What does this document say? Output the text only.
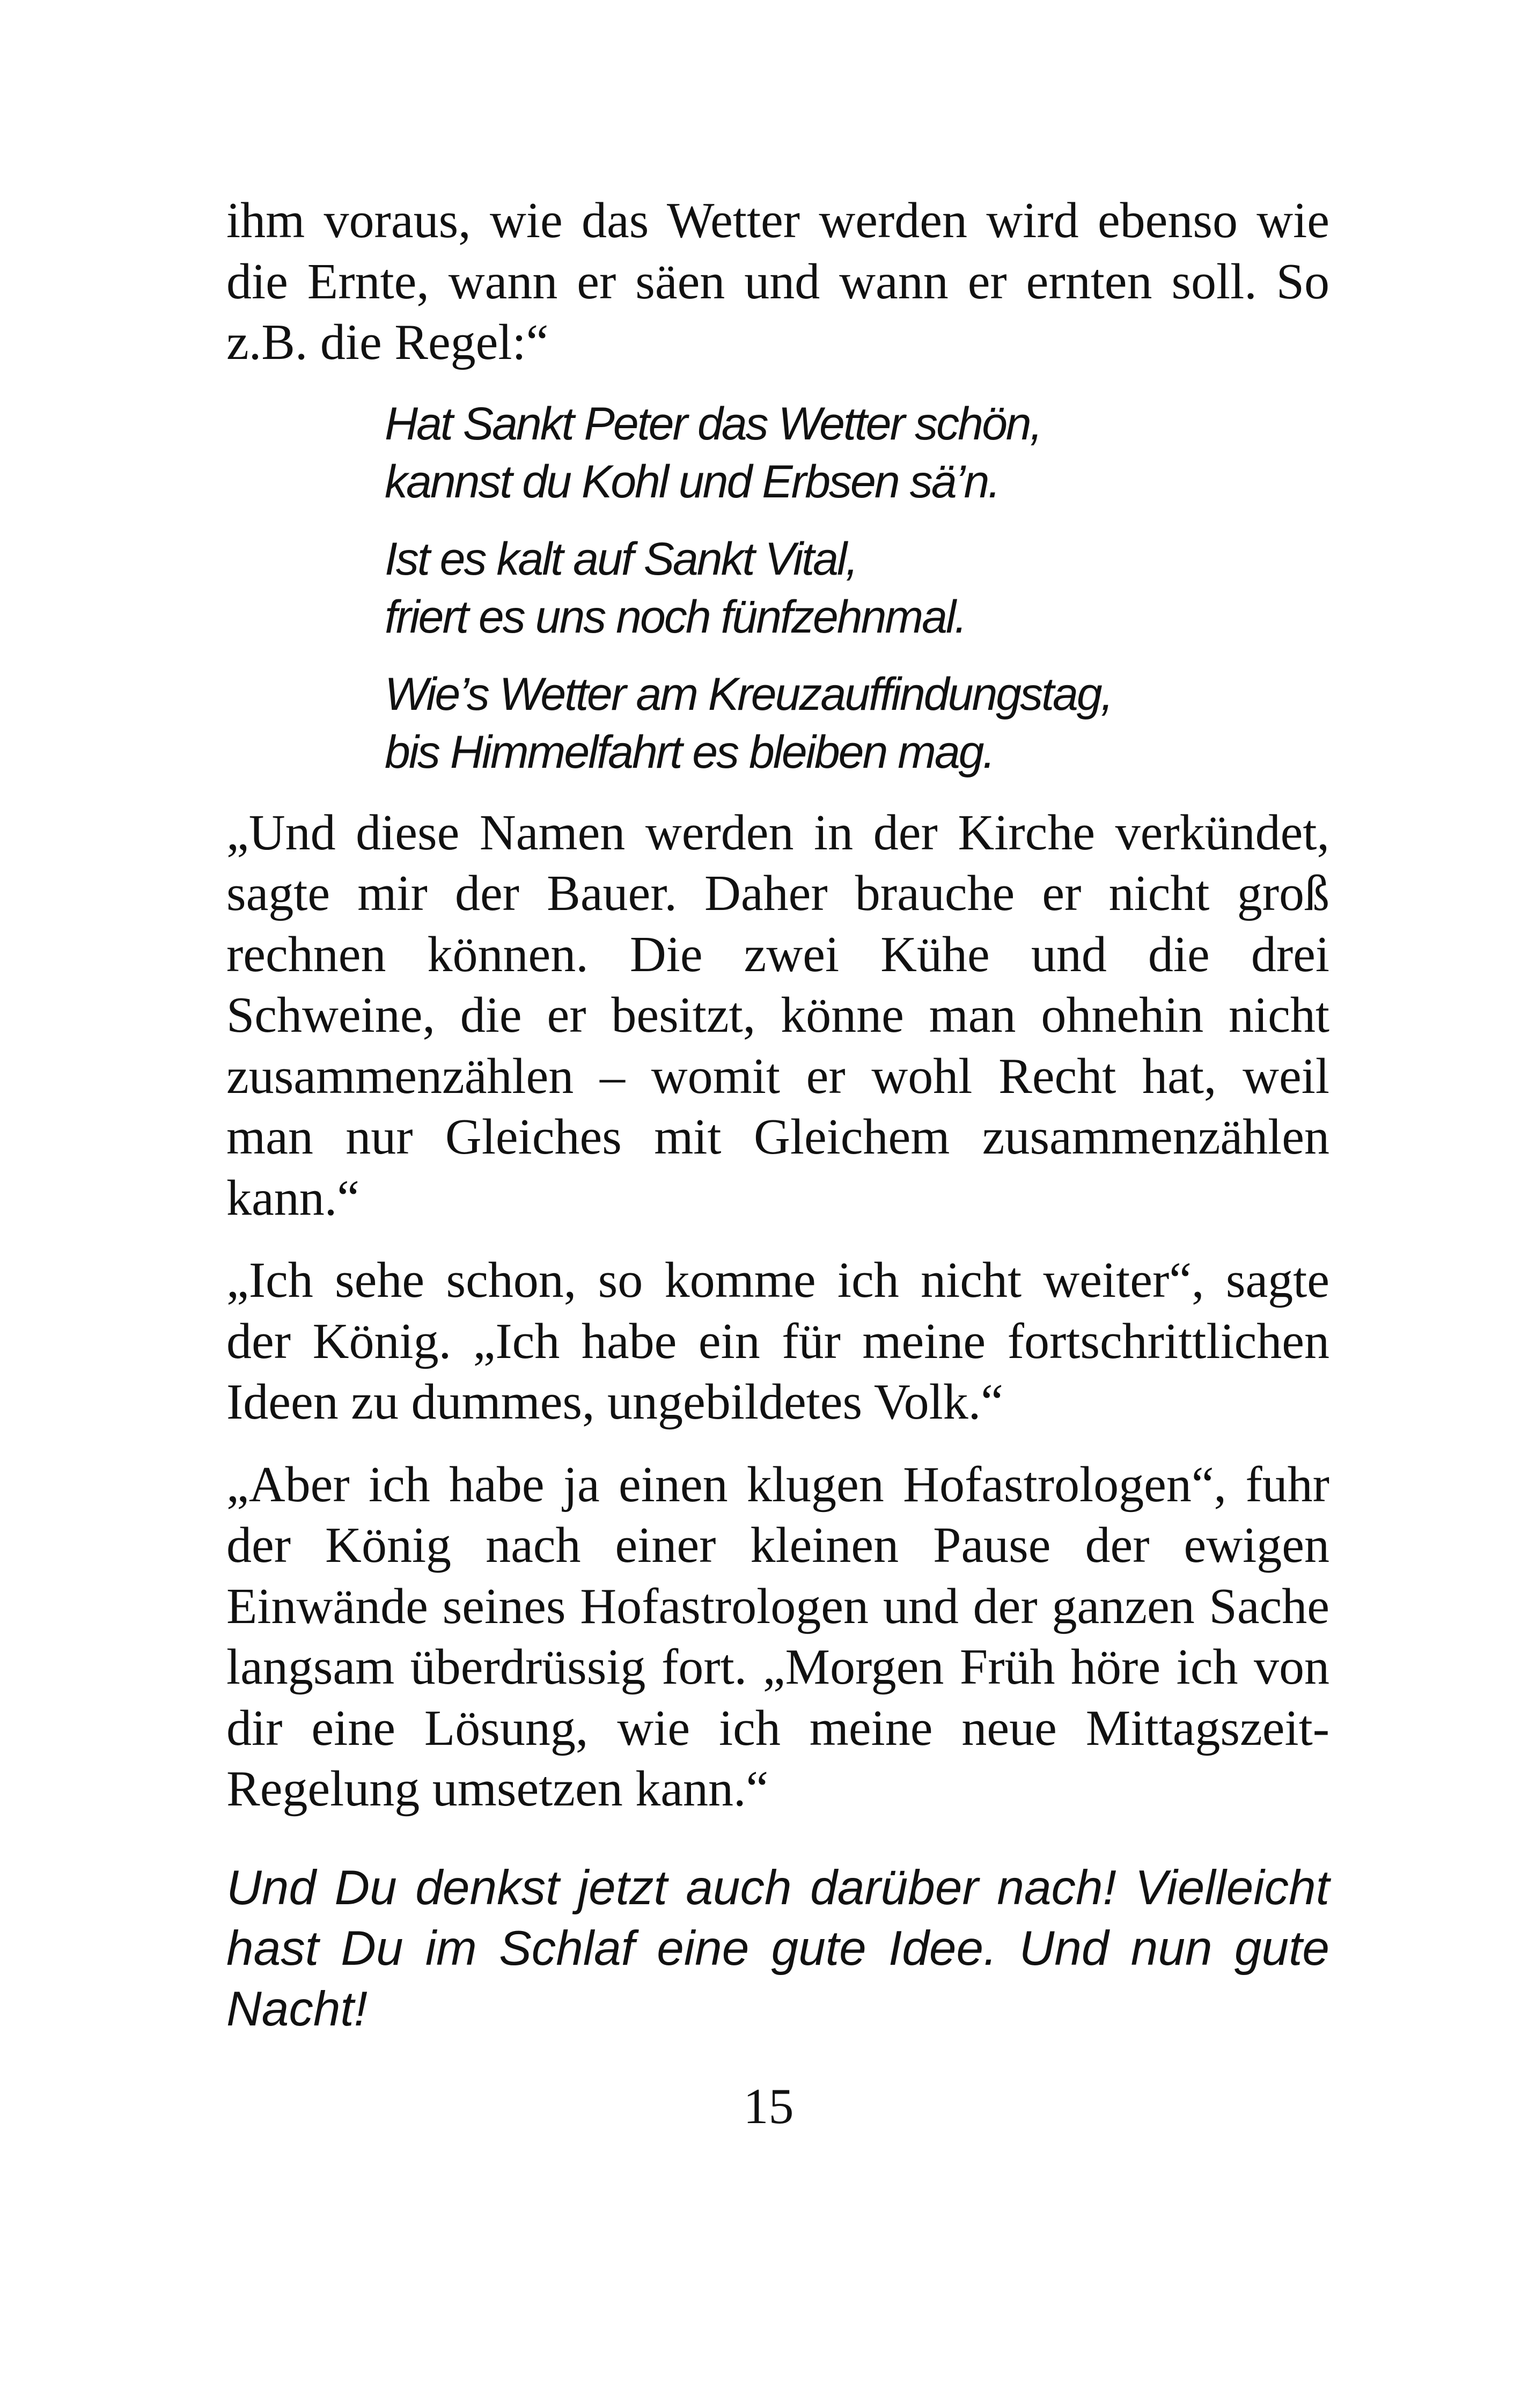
ihm voraus, wie das Wetter werden wird ebenso wie die Ernte, wann er säen und wann er ernten soll. So z.B. die Regel:“

Hat Sankt Peter das Wetter schön,
kannst du Kohl und Erbsen sä’n.

Ist es kalt auf Sankt Vital,
friert es uns noch fünfzehnmal.

Wie’s Wetter am Kreuzauffindungstag,
bis Himmelfahrt es bleiben mag.

„Und diese Namen werden in der Kirche verkündet, sagte mir der Bauer. Daher brauche er nicht groß rechnen können. Die zwei Kühe und die drei Schweine, die er besitzt, könne man ohnehin nicht zusammenzählen – womit er wohl Recht hat, weil man nur Gleiches mit Gleichem zusammenzählen kann.“

„Ich sehe schon, so komme ich nicht weiter“, sagte der König. „Ich habe ein für meine fortschrittlichen Ideen zu dummes, ungebildetes Volk.“

„Aber ich habe ja einen klugen Hofastrologen“, fuhr der König nach einer kleinen Pause der ewigen Einwände seines Hofastrologen und der ganzen Sache langsam überdrüssig fort. „Morgen Früh höre ich von dir eine Lösung, wie ich meine neue Mittagszeit-Regelung umsetzen kann.“

Und Du denkst jetzt auch darüber nach! Vielleicht hast Du im Schlaf eine gute Idee. Und nun gute Nacht!

15
